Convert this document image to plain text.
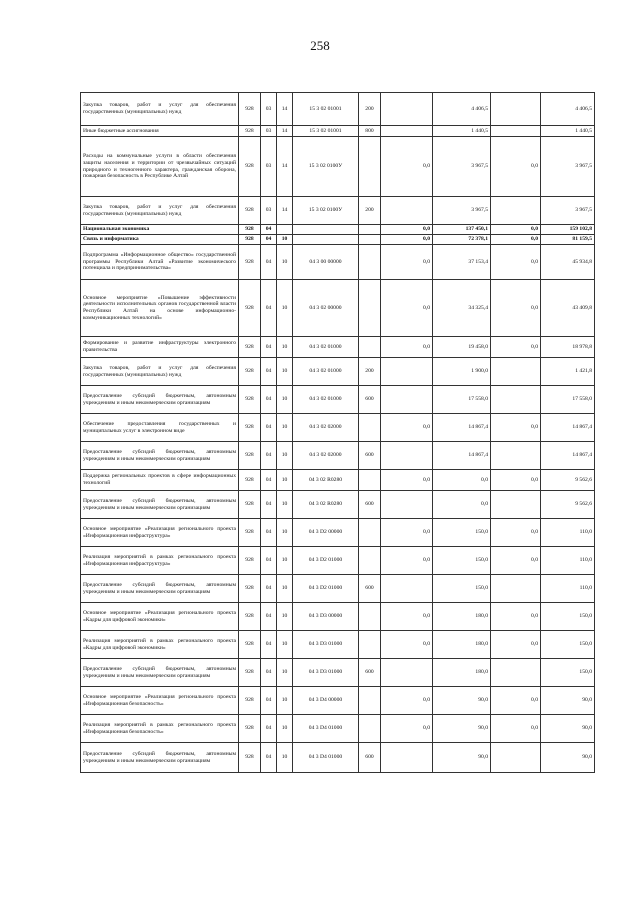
258
Закупка товаров, работ и услуг для обеспечения государственных (муниципальных) нужд	928	03	14	15 3 02 01001	200		4 406,5		4 406,5
Иные бюджетные ассигнования	928	03	14	15 3 02 01001	800		1 440,5		1 440,5
Расходы на коммунальные услуги в области обеспечения защиты населения и территории от чрезвычайных ситуаций природного и техногенного характера, гражданская оборона, пожарная безопасность в Республике Алтай	928	03	14	15 3 02 0100У		0,0	3 967,5	0,0	3 967,5
Закупка товаров, работ и услуг для обеспечения государственных (муниципальных) нужд	928	03	14	15 3 02 0100У	200		3 967,5		3 967,5
Национальная экономика	928	04				0,0	137 450,1	0,0	159 102,8
Связь и информатика	928	04	10			0,0	72 378,1	0,0	81 159,5
Подпрограмма «Информационное общество» государственной программы Республики Алтай «Развитие экономического потенциала и предпринимательства»	928	04	10	04 3 00 00000		0,0	37 153,4	0,0	45 934,8
Основное мероприятие «Повышение эффективности деятельности исполнительных органов государственной власти Республики Алтай на основе информационно-коммуникационных технологий»	928	04	10	04 3 02 00000		0,0	34 325,4	0,0	43 409,8
Формирование и развитие инфраструктуры электронного правительства	928	04	10	04 3 02 01000		0,0	19 458,0	0,0	18 978,8
Закупка товаров, работ и услуг для обеспечения государственных (муниципальных) нужд	928	04	10	04 3 02 01000	200		1 900,0		1 421,8
Предоставление субсидий бюджетным, автономным учреждениям и иным некоммерческим организациям	928	04	10	04 3 02 01000	600		17 558,0		17 558,0
Обеспечение предоставления государственных и муниципальных услуг в электронном виде	928	04	10	04 3 02 02000		0,0	14 867,4	0,0	14 867,4
Предоставление субсидий бюджетным, автономным учреждениям и иным некоммерческим организациям	928	04	10	04 3 02 02000	600		14 867,4		14 867,4
Поддержка региональных проектов в сфере информационных технологий	928	04	10	04 3 02 R0280		0,0	0,0	0,0	9 562,6
Предоставление субсидий бюджетным, автономным учреждениям и иным некоммерческим организациям	928	04	10	04 3 02 R0280	600		0,0		9 562,6
Основное мероприятие «Реализация регионального проекта «Информационная инфраструктура»	928	04	10	04 3 D2 00000		0,0	150,0	0,0	110,0
Реализация мероприятий в рамках регионального проекта «Информационная инфраструктура»	928	04	10	04 3 D2 01000		0,0	150,0	0,0	110,0
Предоставление субсидий бюджетным, автономным учреждениям и иным некоммерческим организациям	928	04	10	04 3 D2 01000	600		150,0		110,0
Основное мероприятие «Реализация регионального проекта «Кадры для цифровой экономики»	928	04	10	04 3 D3 00000		0,0	180,0	0,0	150,0
Реализация мероприятий в рамках регионального проекта «Кадры для цифровой экономики»	928	04	10	04 3 D3 01000		0,0	180,0	0,0	150,0
Предоставление субсидий бюджетным, автономным учреждениям и иным некоммерческим организациям	928	04	10	04 3 D3 01000	600		180,0		150,0
Основное мероприятие «Реализация регионального проекта «Информационная безопасность»	928	04	10	04 3 D4 00000		0,0	90,0	0,0	90,0
Реализация мероприятий в рамках регионального проекта «Информационная безопасность»	928	04	10	04 3 D4 01000		0,0	90,0	0,0	90,0
Предоставление субсидий бюджетным, автономным учреждениям и иным некоммерческим организациям	928	04	10	04 3 D4 01000	600		90,0		90,0
